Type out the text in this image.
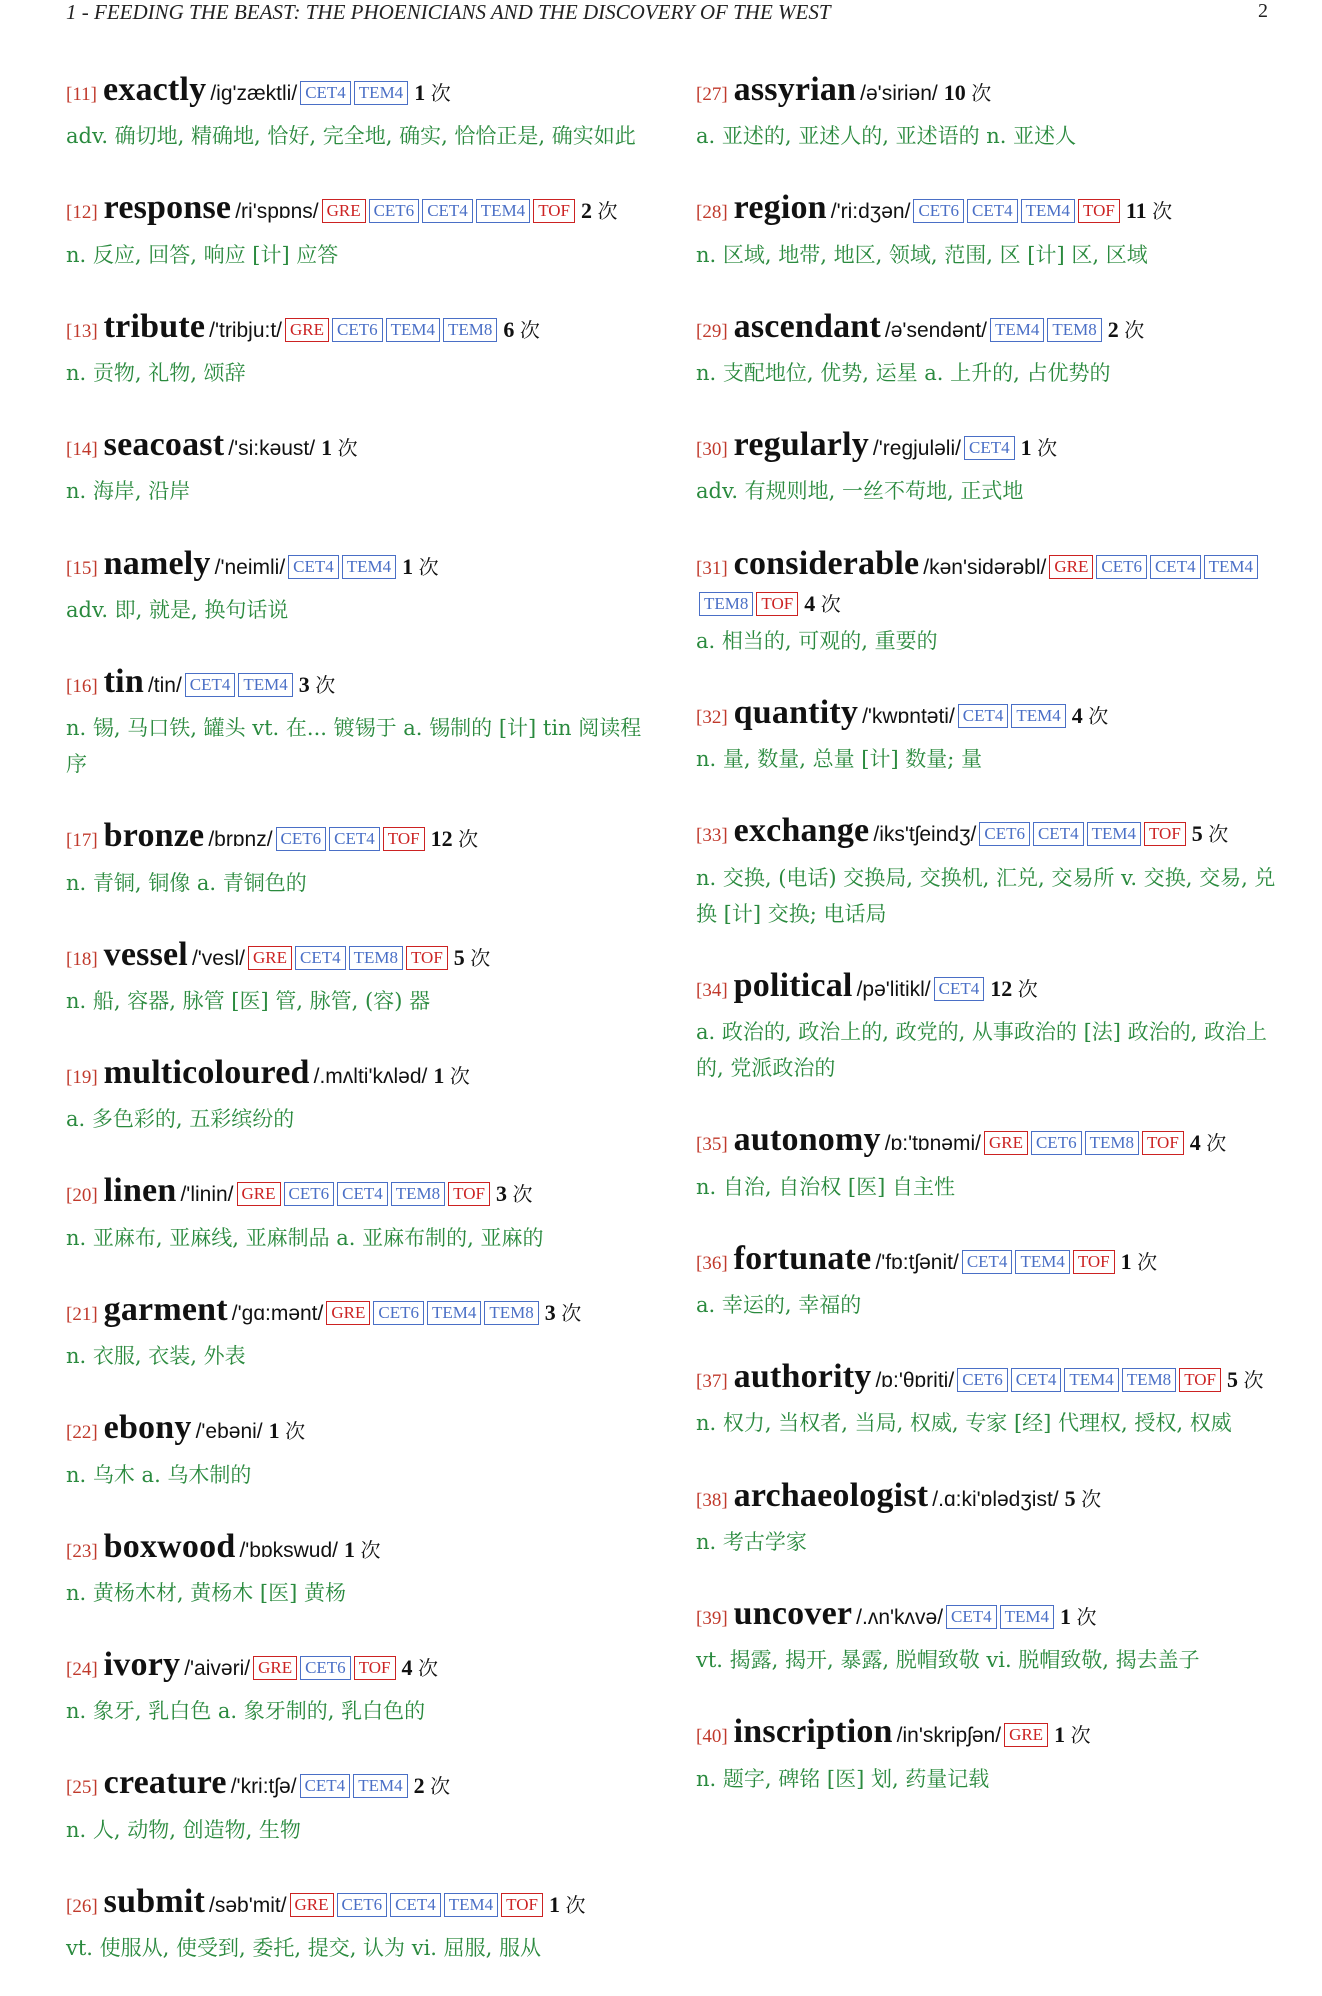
1 - FEEDING THE BEAST: THE PHOENICIANS AND THE DISCOVERY OF THE WEST	2
[11] exactly /ig'zæktli/ CET4 TEM4 1 次
adv. 确切地, 精确地, 恰好, 完全地, 确实, 恰恰正是, 确实如此
[12] response /ri'spɒns/ GRE CET6 CET4 TEM4 TOF 2 次
n. 反应, 回答, 响应 [计] 应答
[13] tribute /'tribju:t/ GRE CET6 TEM4 TEM8 6 次
n. 贡物, 礼物, 颂辞
[14] seacoast /'si:kəust/ 1 次
n. 海岸, 沿岸
[15] namely /'neimli/ CET4 TEM4 1 次
adv. 即, 就是, 换句话说
[16] tin /tin/ CET4 TEM4 3 次
n. 锡, 马口铁, 罐头 vt. 在... 镀锡于 a. 锡制的 [计] tin 阅读程序
[17] bronze /brɒnz/ CET6 CET4 TOF 12 次
n. 青铜, 铜像 a. 青铜色的
[18] vessel /'vesl/ GRE CET4 TEM8 TOF 5 次
n. 船, 容器, 脉管 [医] 管, 脉管, (容) 器
[19] multicoloured /.mʌlti'kʌləd/ 1 次
a. 多色彩的, 五彩缤纷的
[20] linen /'linin/ GRE CET6 CET4 TEM8 TOF 3 次
n. 亚麻布, 亚麻线, 亚麻制品 a. 亚麻布制的, 亚麻的
[21] garment /'gɑ:mənt/ GRE CET6 TEM4 TEM8 3 次
n. 衣服, 衣装, 外表
[22] ebony /'ebəni/ 1 次
n. 乌木 a. 乌木制的
[23] boxwood /'bɒkswud/ 1 次
n. 黄杨木材, 黄杨木 [医] 黄杨
[24] ivory /'aivəri/ GRE CET6 TOF 4 次
n. 象牙, 乳白色 a. 象牙制的, 乳白色的
[25] creature /'kri:tʃə/ CET4 TEM4 2 次
n. 人, 动物, 创造物, 生物
[26] submit /səb'mit/ GRE CET6 CET4 TEM4 TOF 1 次
vt. 使服从, 使受到, 委托, 提交, 认为 vi. 屈服, 服从
[27] assyrian /ə'siriən/ 10 次
a. 亚述的, 亚述人的, 亚述语的 n. 亚述人
[28] region /'ri:dʒən/ CET6 CET4 TEM4 TOF 11 次
n. 区域, 地带, 地区, 领域, 范围, 区 [计] 区, 区域
[29] ascendant /ə'sendənt/ TEM4 TEM8 2 次
n. 支配地位, 优势, 运星 a. 上升的, 占优势的
[30] regularly /'regjuləli/ CET4 1 次
adv. 有规则地, 一丝不苟地, 正式地
[31] considerable /kən'sidərəbl/ GRE CET6 CET4 TEM4TEM8 TOF 4 次
a. 相当的, 可观的, 重要的
[32] quantity /'kwɒntəti/ CET4 TEM4 4 次
n. 量, 数量, 总量 [计] 数量; 量
[33] exchange /iks'tʃeindʒ/ CET6 CET4 TEM4 TOF 5 次
n. 交换, (电话) 交换局, 交换机, 汇兑, 交易所 v. 交换, 交易, 兑换 [计] 交换; 电话局
[34] political /pə'litikl/ CET4 12 次
a. 政治的, 政治上的, 政党的, 从事政治的 [法] 政治的, 政治上的, 党派政治的
[35] autonomy /ɒ:'tɒnəmi/ GRE CET6 TEM8 TOF 4 次
n. 自治, 自治权 [医] 自主性
[36] fortunate /'fɒ:tʃənit/ CET4 TEM4 TOF 1 次
a. 幸运的, 幸福的
[37] authority /ɒ:'θɒriti/ CET6 CET4 TEM4 TEM8 TOF 5 次
n. 权力, 当权者, 当局, 权威, 专家 [经] 代理权, 授权, 权威
[38] archaeologist /.ɑ:ki'ɒlədʒist/ 5 次
n. 考古学家
[39] uncover /.ʌn'kʌvə/ CET4 TEM4 1 次
vt. 揭露, 揭开, 暴露, 脱帽致敬 vi. 脱帽致敬, 揭去盖子
[40] inscription /in'skripʃən/ GRE 1 次
n. 题字, 碑铭 [医] 划, 药量记载
